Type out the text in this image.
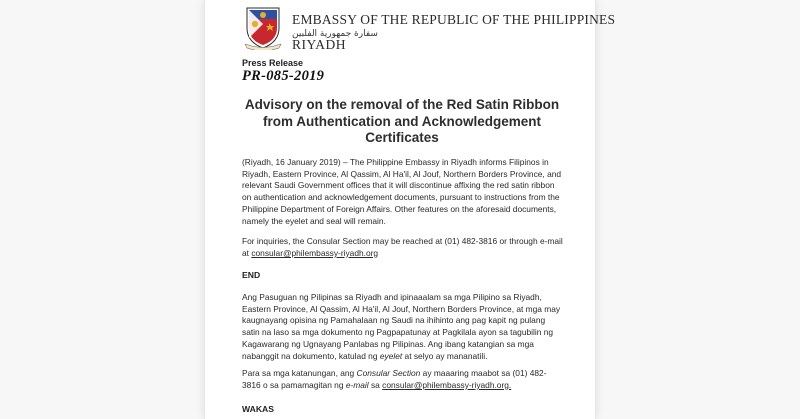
EMBASSY OF THE REPUBLIC OF THE PHILIPPINES
سفارة جمهورية الفلبين
RIYADH
Press Release
PR-085-2019
Advisory on the removal of the Red Satin Ribbon
from Authentication and Acknowledgement
Certificates
(Riyadh, 16 January 2019) – The Philippine Embassy in Riyadh informs Filipinos in Riyadh, Eastern Province, Al Qassim, Al Ha'il, Al Jouf, Northern Borders Province, and relevant Saudi Government offices that it will discontinue affixing the red satin ribbon on authentication and acknowledgement documents, pursuant to instructions from the Philippine Department of Foreign Affairs. Other features on the aforesaid documents, namely the eyelet and seal will remain.
For inquiries, the Consular Section may be reached at (01) 482-3816 or through e-mail at consular@philembassy-riyadh.org
END
Ang Pasuguan ng Pilipinas sa Riyadh and ipinaaalam sa mga Pilipino sa Riyadh, Eastern Province, Al Qassim, Al Ha'il, Al Jouf, Northern Borders Province, at mga may kaugnayang opisina ng Pamahalaan ng Saudi na ihihinto ang pag kapit ng pulang satin na laso sa mga dokumento ng Pagpapatunay at Pagkilala ayon sa tagubilin ng Kagawarang ng Ugnayang Panlabas ng Pilipinas. Ang ibang katangian sa mga nabanggit na dokumento, katulad ng eyelet at selyo ay mananatili.
Para sa mga katanungan, ang Consular Section ay maaaring maabot sa (01) 482-3816 o sa pamamagitan ng e-mail sa consular@philembassy-riyadh.org.
WAKAS
